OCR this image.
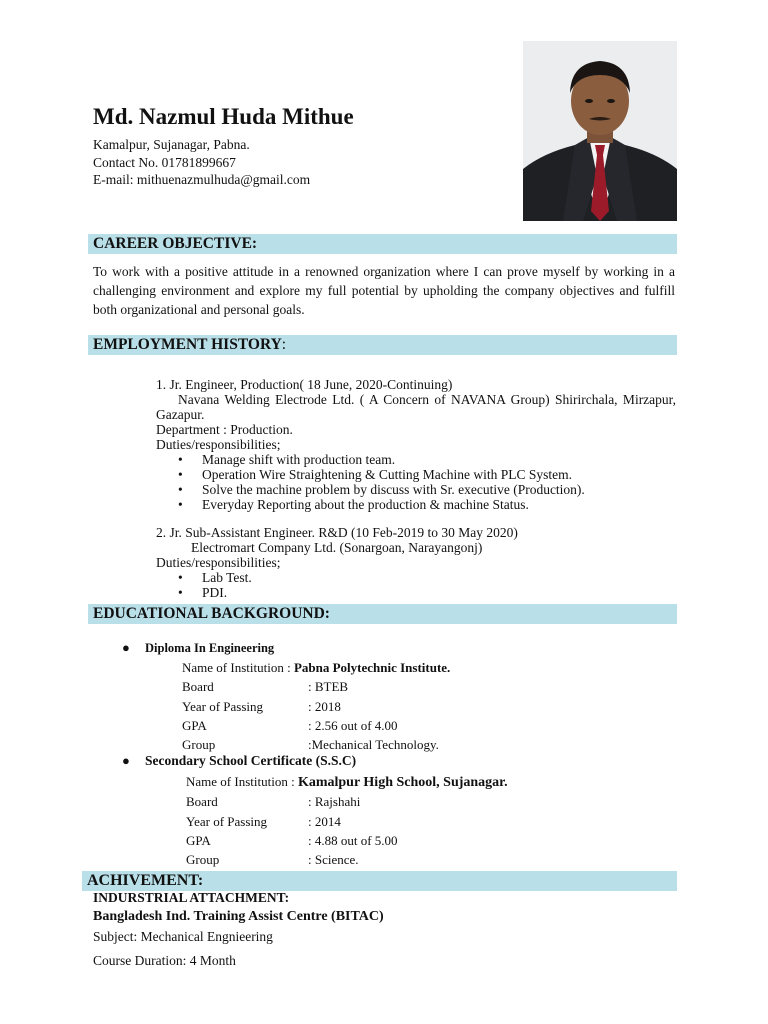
Md. Nazmul Huda Mithue
Kamalpur, Sujanagar, Pabna.
Contact No. 01781899667
E-mail: mithuenazmulhuda@gmail.com
CAREER OBJECTIVE:
To work with a positive attitude in a renowned organization where I can prove myself by working in a challenging environment and explore my full potential by upholding the company objectives and fulfill both organizational and personal goals.
EMPLOYMENT HISTORY:
1. Jr. Engineer, Production( 18 June, 2020-Continuing)
Navana Welding Electrode Ltd. ( A Concern of NAVANA Group) Shirirchala, Mirzapur, Gazapur.
Department : Production.
Duties/responsibilities;
• Manage shift with production team.
• Operation Wire Straightening & Cutting Machine with PLC System.
• Solve the machine problem by discuss with Sr. executive (Production).
• Everyday Reporting about the production & machine Status.
2. Jr. Sub-Assistant Engineer. R&D (10 Feb-2019 to 30 May 2020)
Electromart Company Ltd. (Sonargoan, Narayangonj)
Duties/responsibilities;
• Lab Test.
• PDI.
EDUCATIONAL BACKGROUND:
● Diploma In Engineering
Name of Institution : Pabna Polytechnic Institute.
Board	: BTEB
Year of Passing	: 2018
GPA	: 2.56 out of 4.00
Group	:Mechanical Technology.
● Secondary School Certificate (S.S.C)
Name of Institution : Kamalpur High School, Sujanagar.
Board	: Rajshahi
Year of Passing	: 2014
GPA	: 4.88 out of 5.00
Group	: Science.
ACHIVEMENT:
INDURSTRIAL ATTACHMENT:
Bangladesh Ind. Training Assist Centre (BITAC)
Subject: Mechanical Engnieering
Course Duration: 4 Month
